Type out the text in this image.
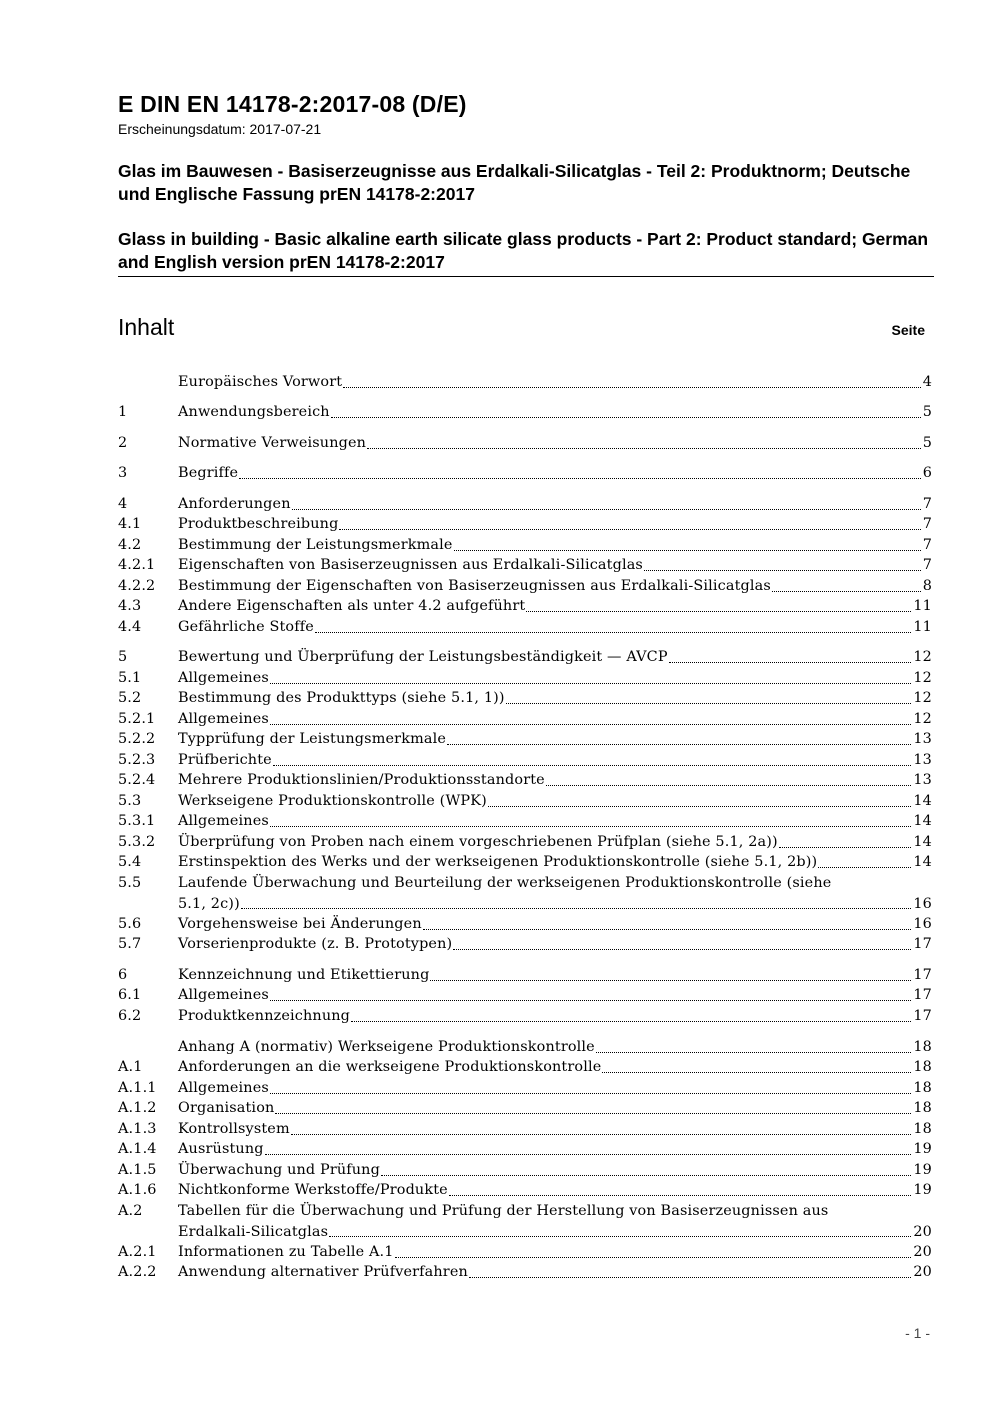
E DIN EN 14178-2:2017-08 (D/E)
Erscheinungsdatum: 2017-07-21
Glas im Bauwesen - Basiserzeugnisse aus Erdalkali-Silicatglas - Teil 2: Produktnorm; Deutsche und Englische Fassung prEN 14178-2:2017
Glass in building - Basic alkaline earth silicate glass products - Part 2: Product standard; German and English version prEN 14178-2:2017
Inhalt	Seite
Europäisches Vorwort	4
1	Anwendungsbereich	5
2	Normative Verweisungen	5
3	Begriffe	6
4	Anforderungen	7
4.1	Produktbeschreibung	7
4.2	Bestimmung der Leistungsmerkmale	7
4.2.1	Eigenschaften von Basiserzeugnissen aus Erdalkali-Silicatglas	7
4.2.2	Bestimmung der Eigenschaften von Basiserzeugnissen aus Erdalkali-Silicatglas	8
4.3	Andere Eigenschaften als unter 4.2 aufgeführt	11
4.4	Gefährliche Stoffe	11
5	Bewertung und Überprüfung der Leistungsbeständigkeit — AVCP	12
5.1	Allgemeines	12
5.2	Bestimmung des Produkttyps (siehe 5.1, 1))	12
5.2.1	Allgemeines	12
5.2.2	Typprüfung der Leistungsmerkmale	13
5.2.3	Prüfberichte	13
5.2.4	Mehrere Produktionslinien/Produktionsstandorte	13
5.3	Werkseigene Produktionskontrolle (WPK)	14
5.3.1	Allgemeines	14
5.3.2	Überprüfung von Proben nach einem vorgeschriebenen Prüfplan (siehe 5.1, 2a))	14
5.4	Erstinspektion des Werks und der werkseigenen Produktionskontrolle (siehe 5.1, 2b))	14
5.5	Laufende Überwachung und Beurteilung der werkseigenen Produktionskontrolle (siehe
5.1, 2c))	16
5.6	Vorgehensweise bei Änderungen	16
5.7	Vorserienprodukte (z. B. Prototypen)	17
6	Kennzeichnung und Etikettierung	17
6.1	Allgemeines	17
6.2	Produktkennzeichnung	17
Anhang A (normativ) Werkseigene Produktionskontrolle	18
A.1	Anforderungen an die werkseigene Produktionskontrolle	18
A.1.1	Allgemeines	18
A.1.2	Organisation	18
A.1.3	Kontrollsystem	18
A.1.4	Ausrüstung	19
A.1.5	Überwachung und Prüfung	19
A.1.6	Nichtkonforme Werkstoffe/Produkte	19
A.2	Tabellen für die Überwachung und Prüfung der Herstellung von Basiserzeugnissen aus
Erdalkali-Silicatglas	20
A.2.1	Informationen zu Tabelle A.1	20
A.2.2	Anwendung alternativer Prüfverfahren	20
- 1 -
